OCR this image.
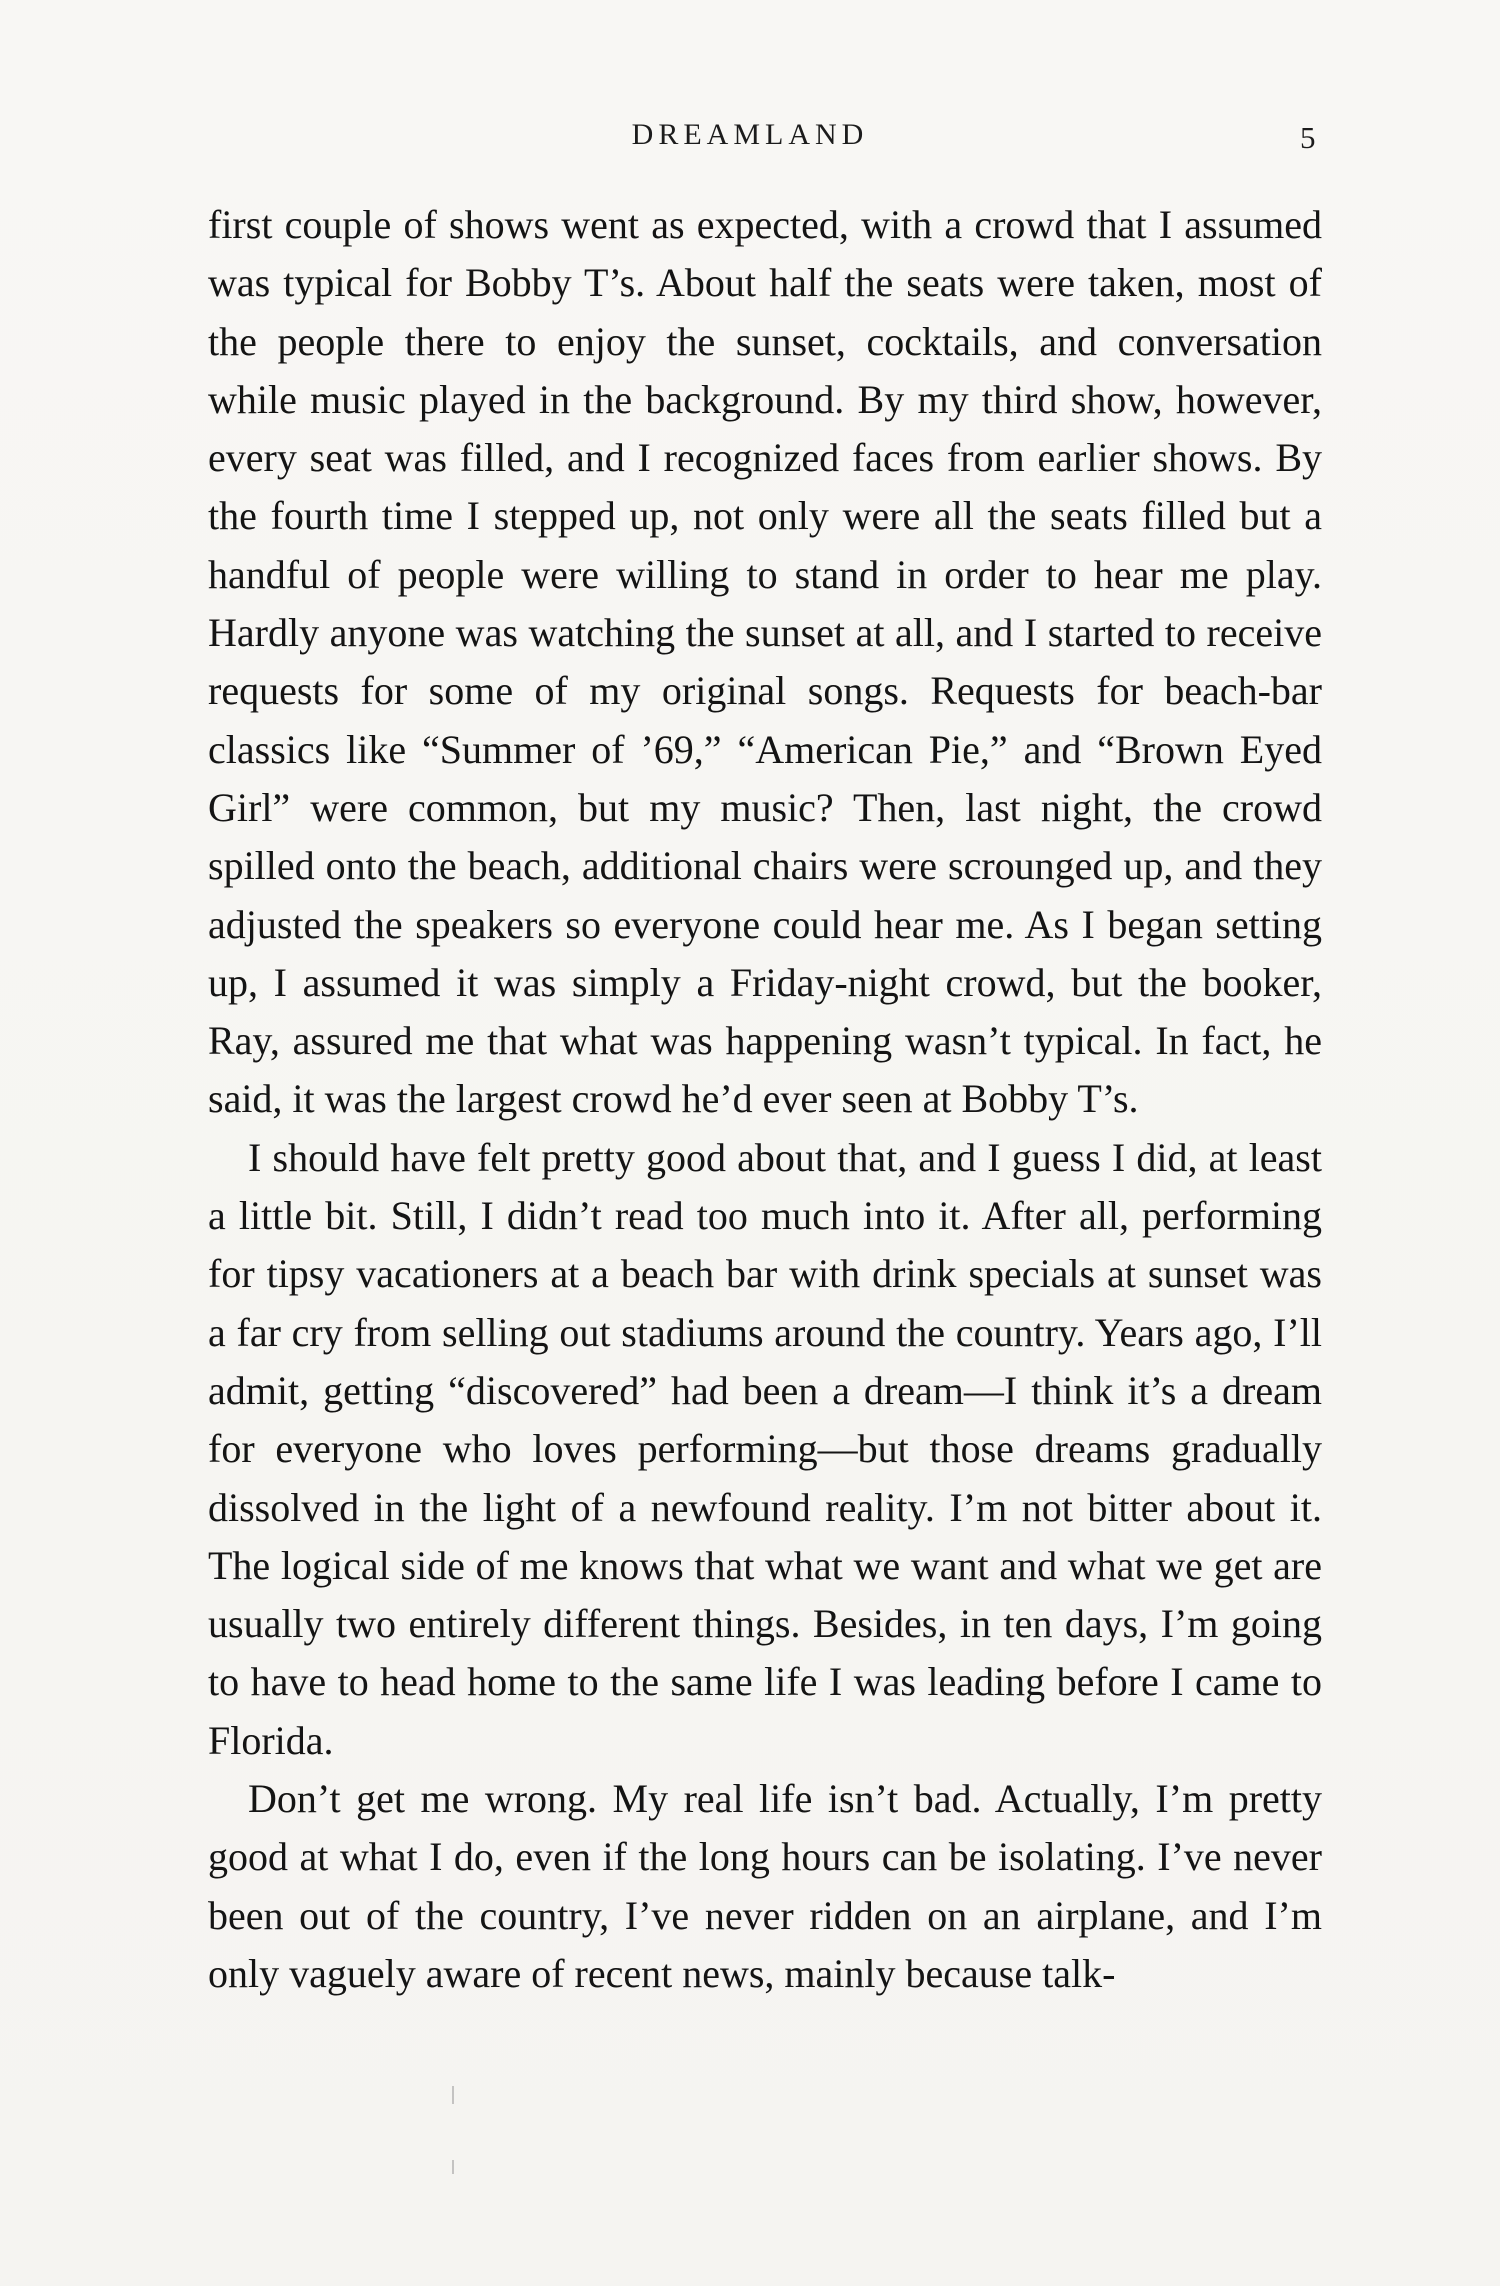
DREAMLAND	5

first couple of shows went as expected, with a crowd that I assumed was typical for Bobby T’s. About half the seats were taken, most of the people there to enjoy the sunset, cocktails, and conversation while music played in the background. By my third show, however, every seat was filled, and I recognized faces from earlier shows. By the fourth time I stepped up, not only were all the seats filled but a handful of people were willing to stand in order to hear me play. Hardly anyone was watching the sunset at all, and I started to receive requests for some of my original songs. Requests for beach-bar classics like “Summer of ’69,” “American Pie,” and “Brown Eyed Girl” were common, but my music? Then, last night, the crowd spilled onto the beach, additional chairs were scrounged up, and they adjusted the speakers so everyone could hear me. As I began setting up, I assumed it was simply a Friday-night crowd, but the booker, Ray, assured me that what was happening wasn’t typical. In fact, he said, it was the largest crowd he’d ever seen at Bobby T’s.

I should have felt pretty good about that, and I guess I did, at least a little bit. Still, I didn’t read too much into it. After all, performing for tipsy vacationers at a beach bar with drink specials at sunset was a far cry from selling out stadiums around the country. Years ago, I’ll admit, getting “discovered” had been a dream—I think it’s a dream for everyone who loves performing—but those dreams gradually dissolved in the light of a newfound reality. I’m not bitter about it. The logical side of me knows that what we want and what we get are usually two entirely different things. Besides, in ten days, I’m going to have to head home to the same life I was leading before I came to Florida.

Don’t get me wrong. My real life isn’t bad. Actually, I’m pretty good at what I do, even if the long hours can be isolating. I’ve never been out of the country, I’ve never ridden on an airplane, and I’m only vaguely aware of recent news, mainly because talk-
